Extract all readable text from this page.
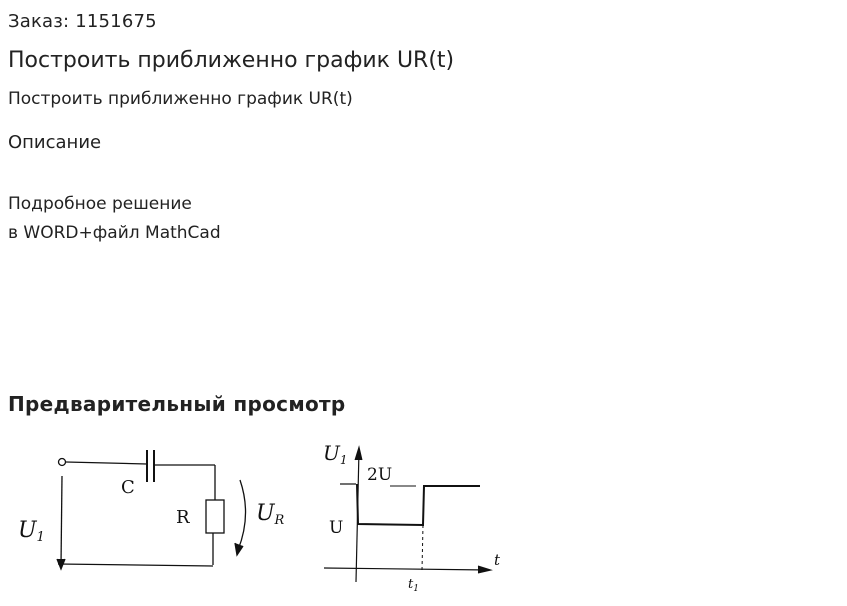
Заказ: 1151675
Построить приближенно график UR(t)
Построить приближенно график UR(t)
Описание
Подробное решение
в WORD+файл MathCad
Предварительный просмотр
U1
C
R	UR
$U_1$
2U
U
t
$t_1$
